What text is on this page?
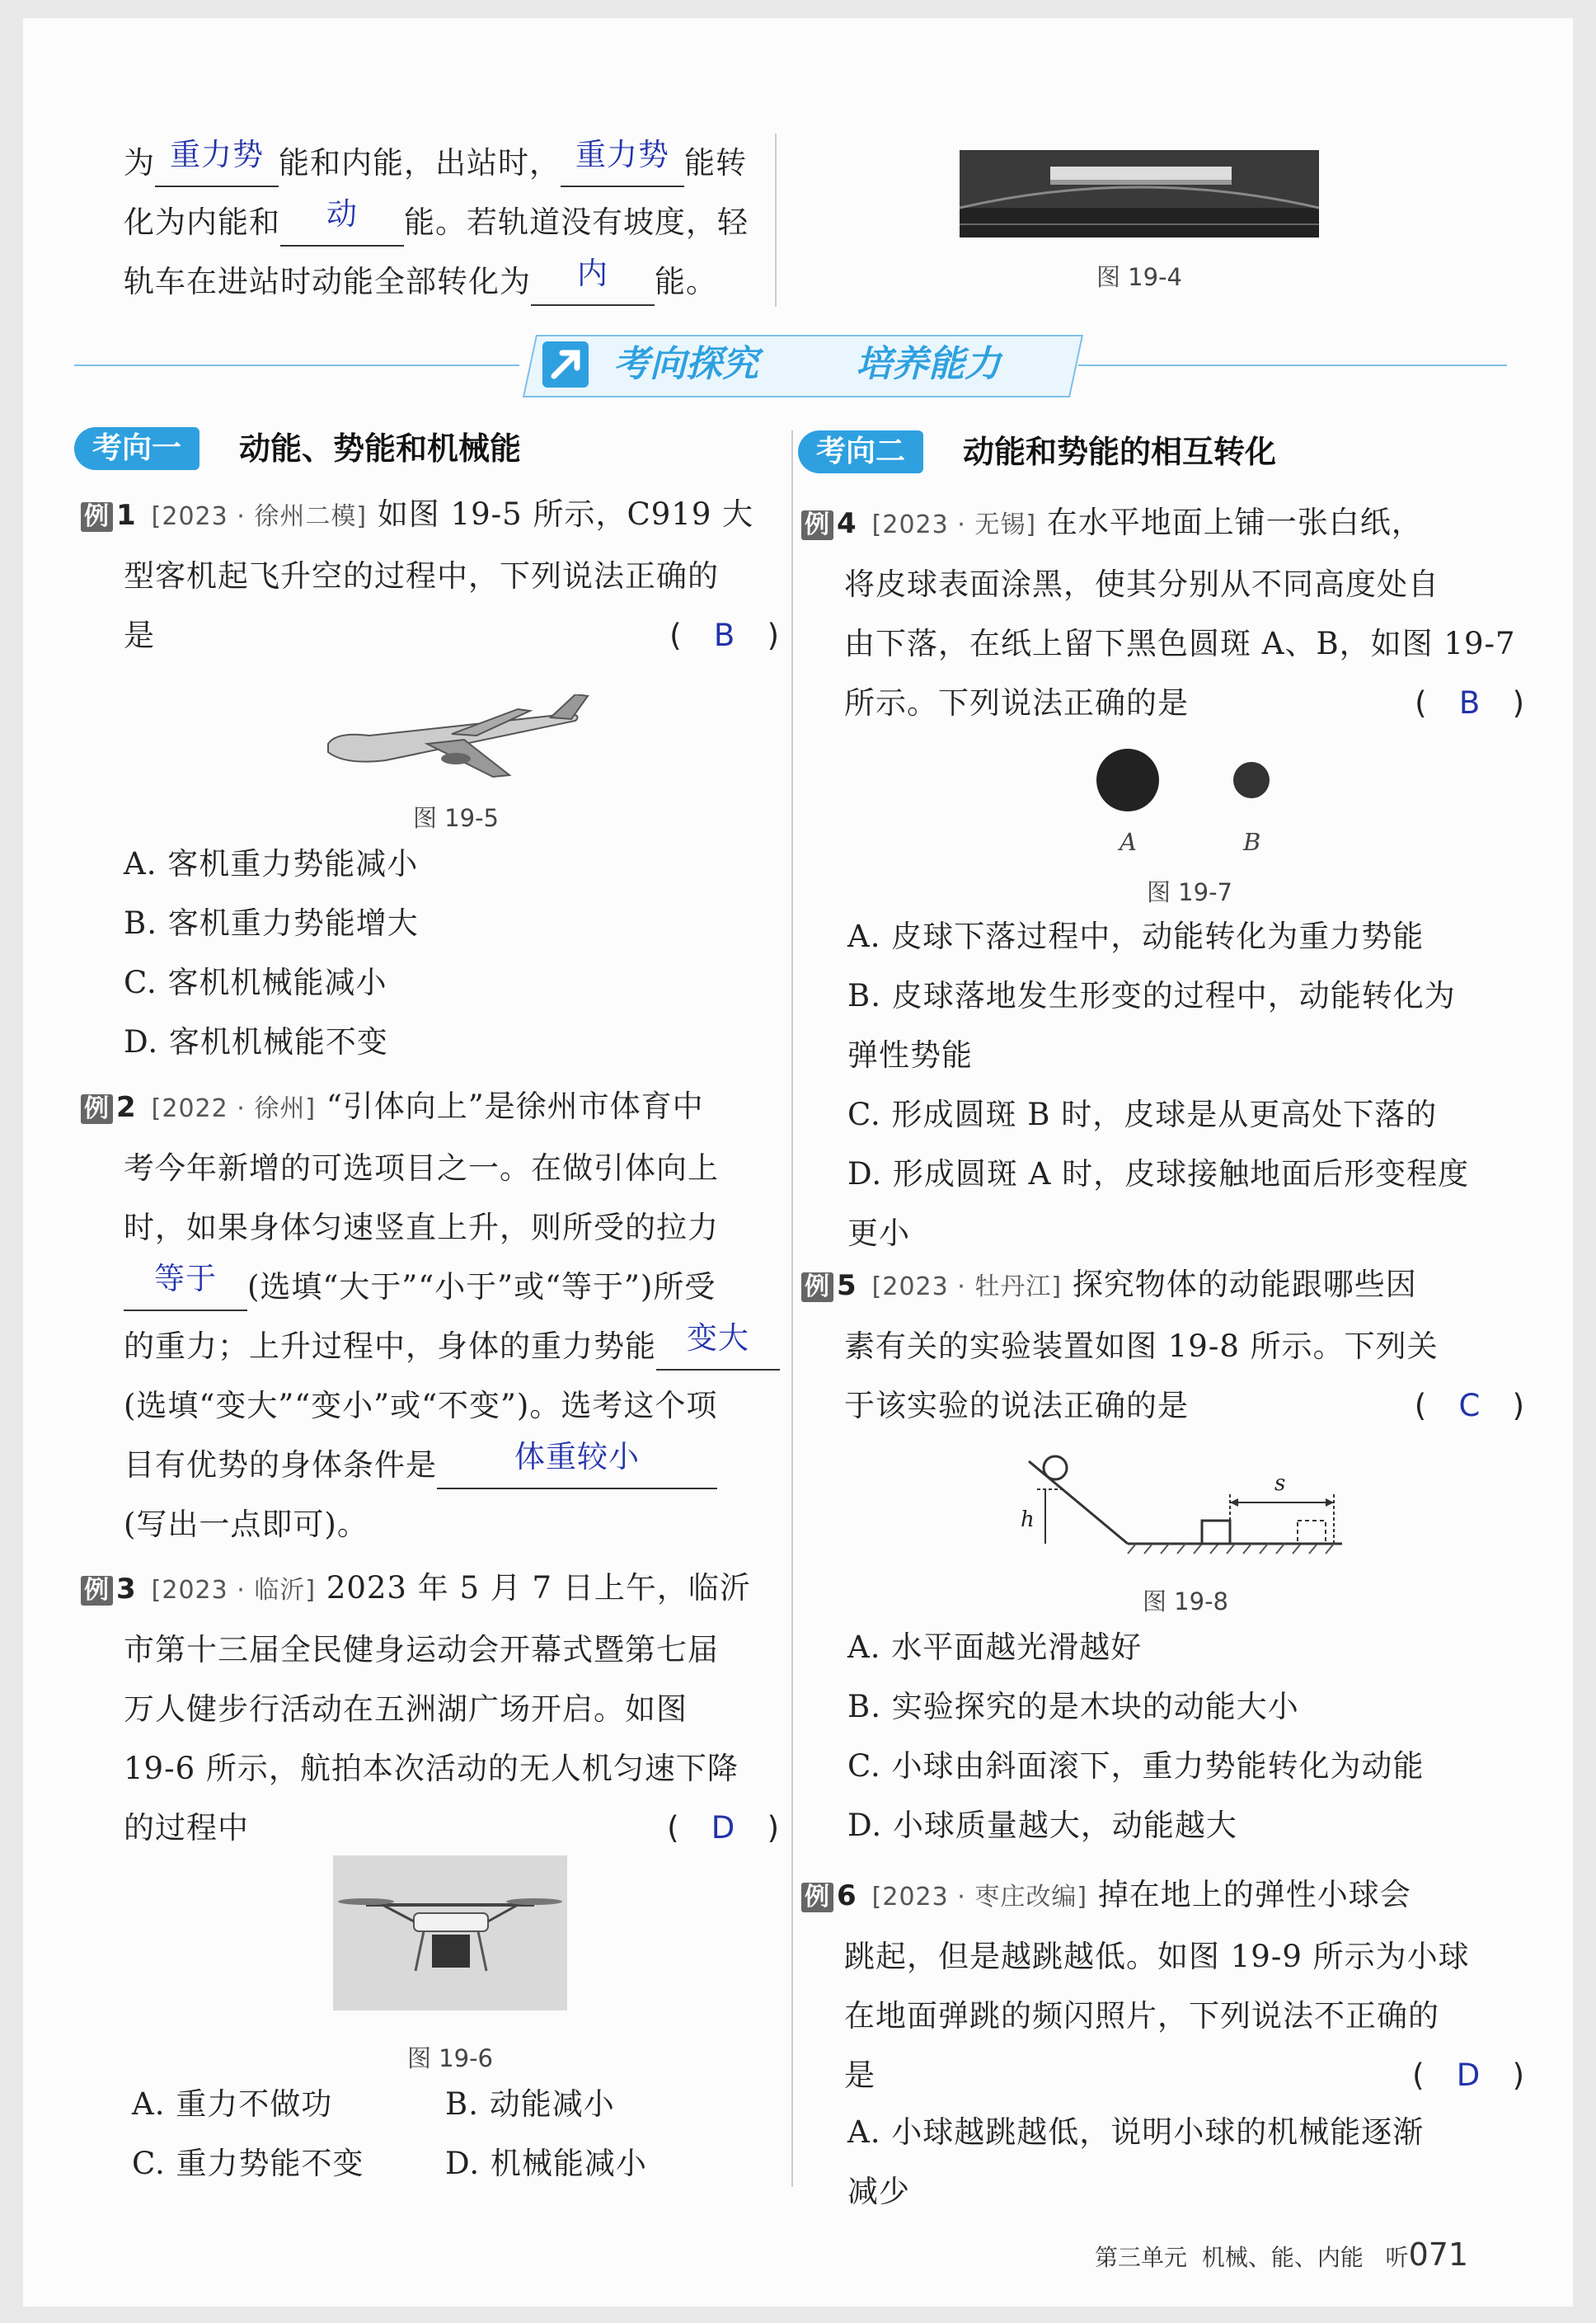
为 重力势 能和内能，出站时， 重力势 能转
化为内能和 动 能。若轨道没有坡度，轻
轨车在进站时动能全部转化为 内 能。	图 19-4
考向探究	培养能力
考向一	动能、势能和机械能
例 1 [2023 · 徐州二模] 如图 19-5 所示，C919 大
型客机起飞升空的过程中，下列说法正确的
是	(   B   )
图 19-5
A. 客机重力势能减小
B. 客机重力势能增大
C. 客机机械能减小
D. 客机机械能不变
例 2 [2022 · 徐州] “引体向上”是徐州市体育中
考今年新增的可选项目之一。在做引体向上
时，如果身体匀速竖直上升，则所受的拉力
等于 (选填“大于”“小于”或“等于”)所受
的重力；上升过程中，身体的重力势能 变大
(选填“变大”“变小”或“不变”)。选考这个项
目有优势的身体条件是	体重较小
(写出一点即可)。
例 3 [2023 · 临沂] 2023 年 5 月 7 日上午，临沂
市第十三届全民健身运动会开幕式暨第七届
万人健步行活动在五洲湖广场开启。如图
19-6 所示，航拍本次活动的无人机匀速下降
的过程中	(   D   )
图 19-6
A. 重力不做功	B. 动能减小
C. 重力势能不变	D. 机械能减小
考向二	动能和势能的相互转化
例 4 [2023 · 无锡] 在水平地面上铺一张白纸，
将皮球表面涂黑，使其分别从不同高度处自
由下落，在纸上留下黑色圆斑 A、B，如图 19-7
所示。下列说法正确的是	(   B   )
A	B
图 19-7
A. 皮球下落过程中，动能转化为重力势能
B. 皮球落地发生形变的过程中，动能转化为
弹性势能
C. 形成圆斑 B 时，皮球是从更高处下落的
D. 形成圆斑 A 时，皮球接触地面后形变程度
更小
例 5 [2023 · 牡丹江] 探究物体的动能跟哪些因
素有关的实验装置如图 19-8 所示。下列关
于该实验的说法正确的是	(   C   )
h
s
图 19-8
A. 水平面越光滑越好
B. 实验探究的是木块的动能大小
C. 小球由斜面滚下，重力势能转化为动能
D. 小球质量越大，动能越大
例 6 [2023 · 枣庄改编] 掉在地上的弹性小球会
跳起，但是越跳越低。如图 19-9 所示为小球
在地面弹跳的频闪照片，下列说法不正确的
是	(   D   )
A. 小球越跳越低，说明小球的机械能逐渐
减少
第三单元 机械、能、内能 听071
